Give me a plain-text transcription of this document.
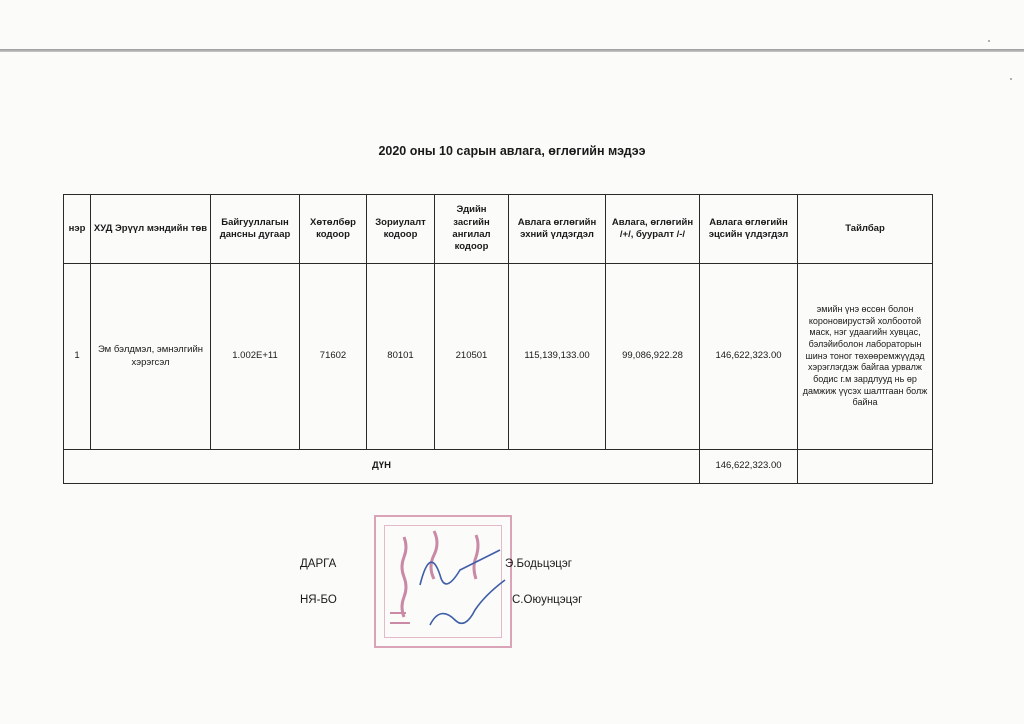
2020 оны 10 сарын авлага, өглөгийн мэдээ
нэр	ХУД Эрүүл мэндийн төв	Байгууллагын дансны дугаар	Хөтөлбөр кодоор	Зориулалт кодоор	Эдийн засгийн ангилал кодоор	Авлага өглөгийн эхний үлдэгдэл	Авлага, өглөгийн /+/, бууралт /-/	Авлага өглөгийн эцсийн үлдэгдэл	Тайлбар
1	Эм бэлдмэл, эмнэлгийн хэрэгсэл	1.002E+11	71602	80101	210501	115,139,133.00	99,086,922.28	146,622,323.00	эмийн үнэ өссөн болон короновирустэй холбоотой маск, нэг удаагийн хувцас, бэлэйиболон лабораторын шинэ тоног төхөөремжүүдэд хэрэглэгдэж байгаа урвалж бодис г.м зардлууд нь өр дамжиж үүсэх шалтгаан болж байна
ДҮН								146,622,323.00	
ДАРГА	Э.Бодьцэцэг
НЯ-БО	С.Оюунцэцэг
